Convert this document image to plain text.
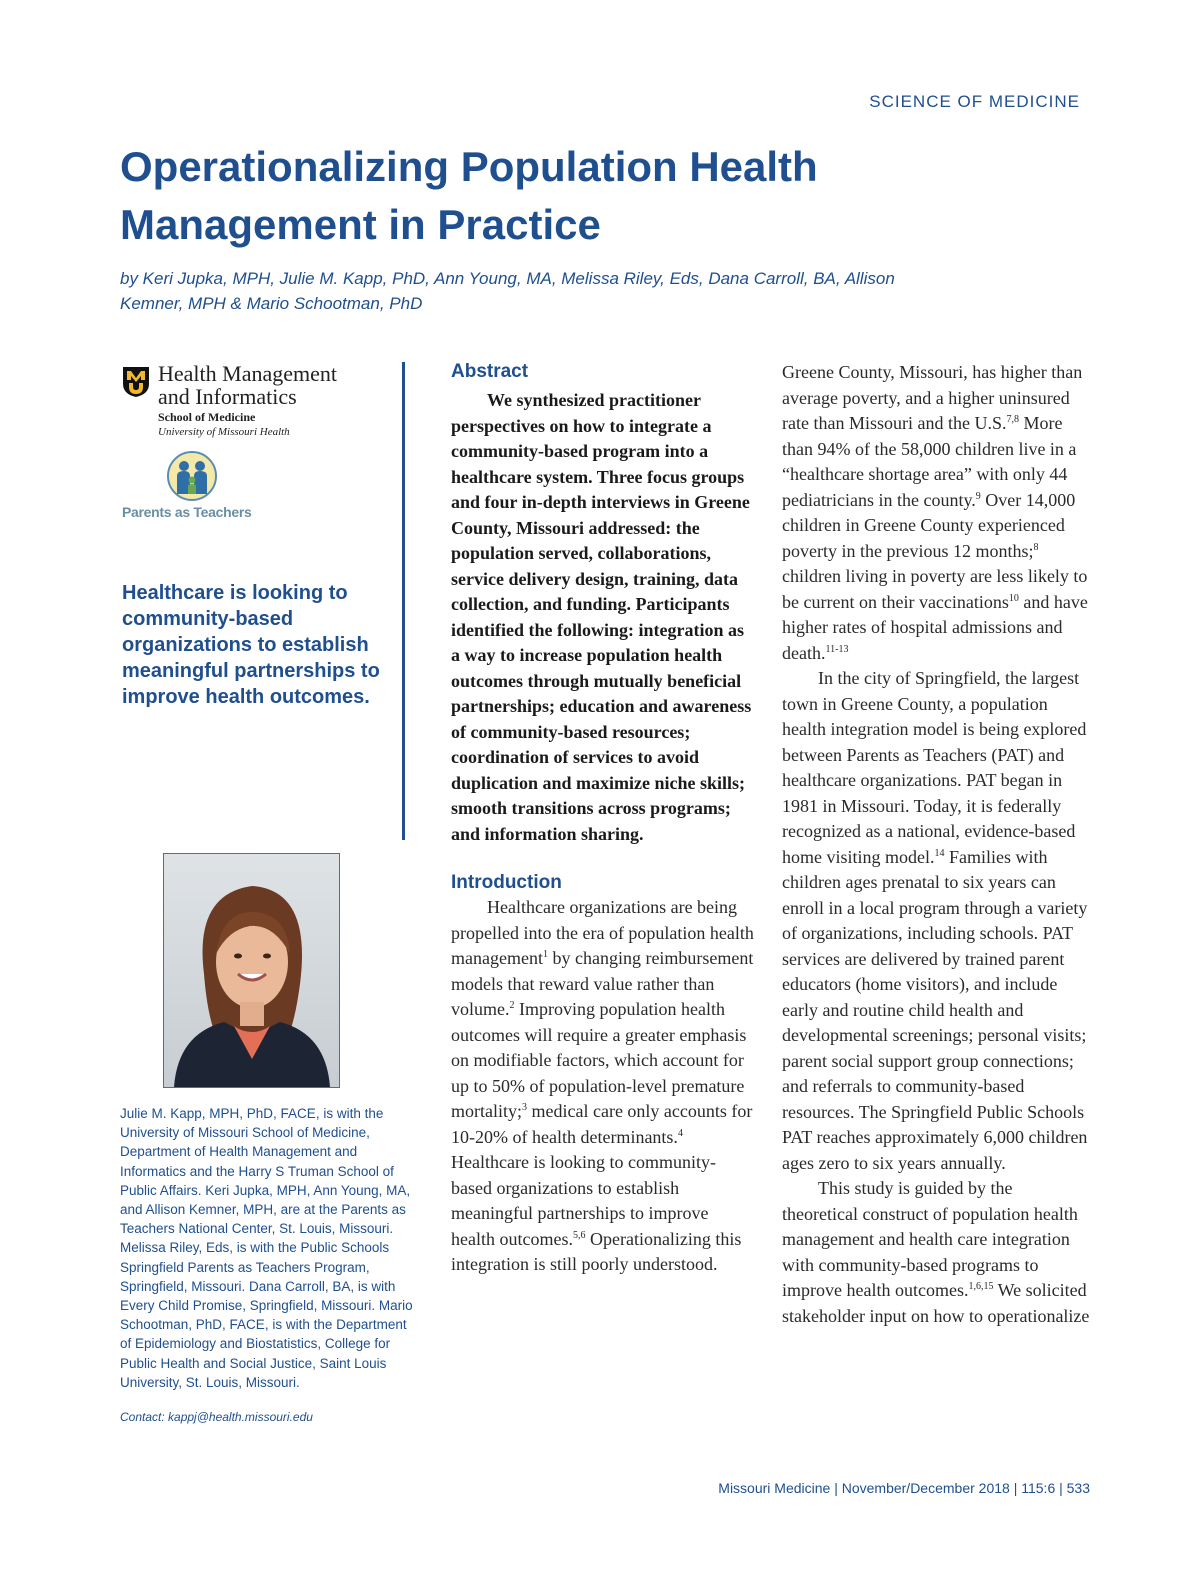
SCIENCE OF MEDICINE
Operationalizing Population Health Management in Practice
by Keri Jupka, MPH, Julie M. Kapp, PhD, Ann Young, MA, Melissa Riley, Eds, Dana Carroll, BA, Allison Kemner, MPH & Mario Schootman, PhD
Health Management and Informatics
School of Medicine
University of Missouri Health
Parents as Teachers
Healthcare is looking to community-based organizations to establish meaningful partnerships to improve health outcomes.
Julie M. Kapp, MPH, PhD, FACE, is with the University of Missouri School of Medicine, Department of Health Management and Informatics and the Harry S Truman School of Public Affairs. Keri Jupka, MPH, Ann Young, MA, and Allison Kemner, MPH, are at the Parents as Teachers National Center, St. Louis, Missouri. Melissa Riley, Eds, is with the Public Schools Springfield Parents as Teachers Program, Springfield, Missouri. Dana Carroll, BA, is with Every Child Promise, Springfield, Missouri. Mario Schootman, PhD, FACE, is with the Department of Epidemiology and Biostatistics, College for Public Health and Social Justice, Saint Louis University, St. Louis, Missouri.
Contact: kappj@health.missouri.edu
Abstract

We synthesized practitioner perspectives on how to integrate a community-based program into a healthcare system. Three focus groups and four in-depth interviews in Greene County, Missouri addressed: the population served, collaborations, service delivery design, training, data collection, and funding. Participants identified the following: integration as a way to increase population health outcomes through mutually beneficial partnerships; education and awareness of community-based resources; coordination of services to avoid duplication and maximize niche skills; smooth transitions across programs; and information sharing.

Introduction

Healthcare organizations are being propelled into the era of population health management$^1$ by changing reimbursement models that reward value rather than volume.$^2$ Improving population health outcomes will require a greater emphasis on modifiable factors, which account for up to 50% of population-level premature mortality;$^3$ medical care only accounts for 10-20% of health determinants.$^4$ Healthcare is looking to community-based organizations to establish meaningful partnerships to improve health outcomes.$^{5,6}$ Operationalizing this integration is still poorly understood.

Greene County, Missouri, has higher than average poverty, and a higher uninsured rate than Missouri and the U.S.$^{7,8}$ More than 94% of the 58,000 children live in a “healthcare shortage area” with only 44 pediatricians in the county.$^9$ Over 14,000 children in Greene County experienced poverty in the previous 12 months;$^8$ children living in poverty are less likely to be current on their vaccinations$^{10}$ and have higher rates of hospital admissions and death.$^{11-13}$

In the city of Springfield, the largest town in Greene County, a population health integration model is being explored between Parents as Teachers (PAT) and healthcare organizations. PAT began in 1981 in Missouri. Today, it is federally recognized as a national, evidence-based home visiting model.$^{14}$ Families with children ages prenatal to six years can enroll in a local program through a variety of organizations, including schools. PAT services are delivered by trained parent educators (home visitors), and include early and routine child health and developmental screenings; personal visits; parent social support group connections; and referrals to community-based resources. The Springfield Public Schools PAT reaches approximately 6,000 children ages zero to six years annually.

This study is guided by the theoretical construct of population health management and health care integration with community-based programs to improve health outcomes.$^{1,6,15}$ We solicited stakeholder input on how to operationalize

Missouri Medicine | November/December 2018 | 115:6 | 533
